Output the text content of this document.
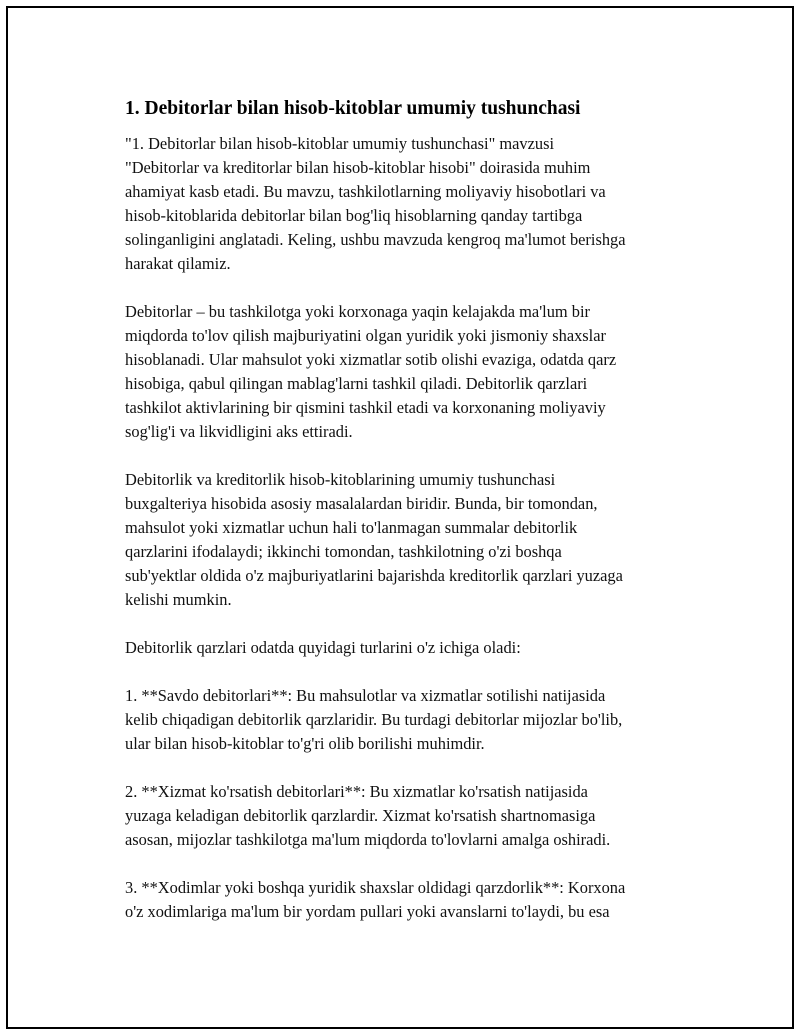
1. Debitorlar bilan hisob-kitoblar umumiy tushunchasi

"1. Debitorlar bilan hisob-kitoblar umumiy tushunchasi" mavzusi
"Debitorlar va kreditorlar bilan hisob-kitoblar hisobi" doirasida muhim
ahamiyat kasb etadi. Bu mavzu, tashkilotlarning moliyaviy hisobotlari va
hisob-kitoblarida debitorlar bilan bog'liq hisoblarning qanday tartibga
solinganligini anglatadi. Keling, ushbu mavzuda kengroq ma'lumot berishga
harakat qilamiz.

Debitorlar – bu tashkilotga yoki korxonaga yaqin kelajakda ma'lum bir
miqdorda to'lov qilish majburiyatini olgan yuridik yoki jismoniy shaxslar
hisoblanadi. Ular mahsulot yoki xizmatlar sotib olishi evaziga, odatda qarz
hisobiga, qabul qilingan mablag'larni tashkil qiladi. Debitorlik qarzlari
tashkilot aktivlarining bir qismini tashkil etadi va korxonaning moliyaviy
sog'lig'i va likvidligini aks ettiradi.

Debitorlik va kreditorlik hisob-kitoblarining umumiy tushunchasi
buxgalteriya hisobida asosiy masalalardan biridir. Bunda, bir tomondan,
mahsulot yoki xizmatlar uchun hali to'lanmagan summalar debitorlik
qarzlarini ifodalaydi; ikkinchi tomondan, tashkilotning o'zi boshqa
sub'yektlar oldida o'z majburiyatlarini bajarishda kreditorlik qarzlari yuzaga
kelishi mumkin.

Debitorlik qarzlari odatda quyidagi turlarini o'z ichiga oladi:

1. **Savdo debitorlari**: Bu mahsulotlar va xizmatlar sotilishi natijasida
kelib chiqadigan debitorlik qarzlaridir. Bu turdagi debitorlar mijozlar bo'lib,
ular bilan hisob-kitoblar to'g'ri olib borilishi muhimdir.

2. **Xizmat ko'rsatish debitorlari**: Bu xizmatlar ko'rsatish natijasida
yuzaga keladigan debitorlik qarzlardir. Xizmat ko'rsatish shartnomasiga
asosan, mijozlar tashkilotga ma'lum miqdorda to'lovlarni amalga oshiradi.

3. **Xodimlar yoki boshqa yuridik shaxslar oldidagi qarzdorlik**: Korxona
o'z xodimlariga ma'lum bir yordam pullari yoki avanslarni to'laydi, bu esa
